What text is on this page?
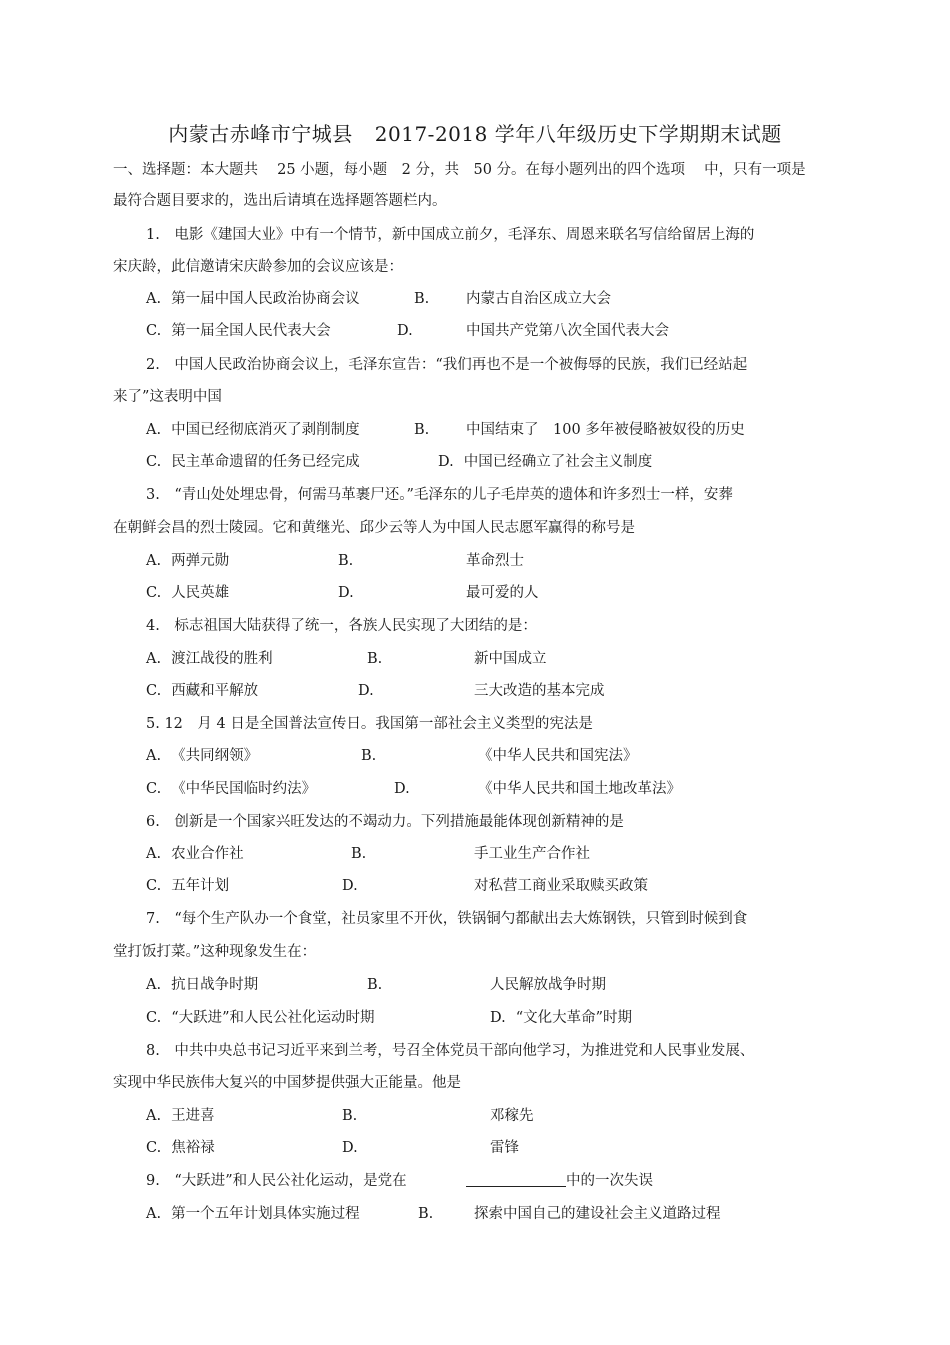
内蒙古赤峰市宁城县 2017-2018 学年八年级历史下学期期末试题
一、选择题：本大题共　 25 小题，每小题　2 分，共　50 分。在每小题列出的四个选项　 中，只有一项是
最符合题目要求的，选出后请填在选择题答题栏内。
1.　电影《建国大业》中有一个情节，新中国成立前夕，毛泽东、周恩来联名写信给留居上海的
宋庆龄，此信邀请宋庆龄参加的会议应该是：
A. 第一届中国人民政治协商会议	B.	内蒙古自治区成立大会
C. 第一届全国人民代表大会	D.	中国共产党第八次全国代表大会
2.　中国人民政治协商会议上，毛泽东宣告：“我们再也不是一个被侮辱的民族，我们已经站起
来了”这表明中国
A. 中国已经彻底消灭了剥削制度	B.	中国结束了　100 多年被侵略被奴役的历史
C. 民主革命遗留的任务已经完成	D. 中国已经确立了社会主义制度
3.　“青山处处埋忠骨，何需马革裹尸还。”毛泽东的儿子毛岸英的遗体和许多烈士一样，安葬
在朝鲜会昌的烈士陵园。它和黄继光、邱少云等人为中国人民志愿军赢得的称号是
A. 两弹元勋	B.	革命烈士
C. 人民英雄	D.	最可爱的人
4.　标志祖国大陆获得了统一，各族人民实现了大团结的是：
A. 渡江战役的胜利	B.	新中国成立
C. 西藏和平解放	D.	三大改造的基本完成
5. 12　月 4 日是全国普法宣传日。我国第一部社会主义类型的宪法是
A. 《共同纲领》	B.	《中华人民共和国宪法》
C. 《中华民国临时约法》	D.	《中华人民共和国土地改革法》
6.　创新是一个国家兴旺发达的不竭动力。下列措施最能体现创新精神的是
A. 农业合作社	B.	手工业生产合作社
C. 五年计划	D.	对私营工商业采取赎买政策
7.　“每个生产队办一个食堂，社员家里不开伙，铁锅铜勺都献出去大炼钢铁，只管到时候到食
堂打饭打菜。”这种现象发生在：
A. 抗日战争时期	B.	人民解放战争时期
C. “大跃进”和人民公社化运动时期	D. “文化大革命”时期
8.　中共中央总书记习近平来到兰考，号召全体党员干部向他学习，为推进党和人民事业发展、
实现中华民族伟大复兴的中国梦提供强大正能量。他是
A. 王进喜	B.	邓稼先
C. 焦裕禄	D.	雷锋
9.　“大跃进”和人民公社化运动，是党在	中的一次失误
A. 第一个五年计划具体实施过程	B.	探索中国自己的建设社会主义道路过程
